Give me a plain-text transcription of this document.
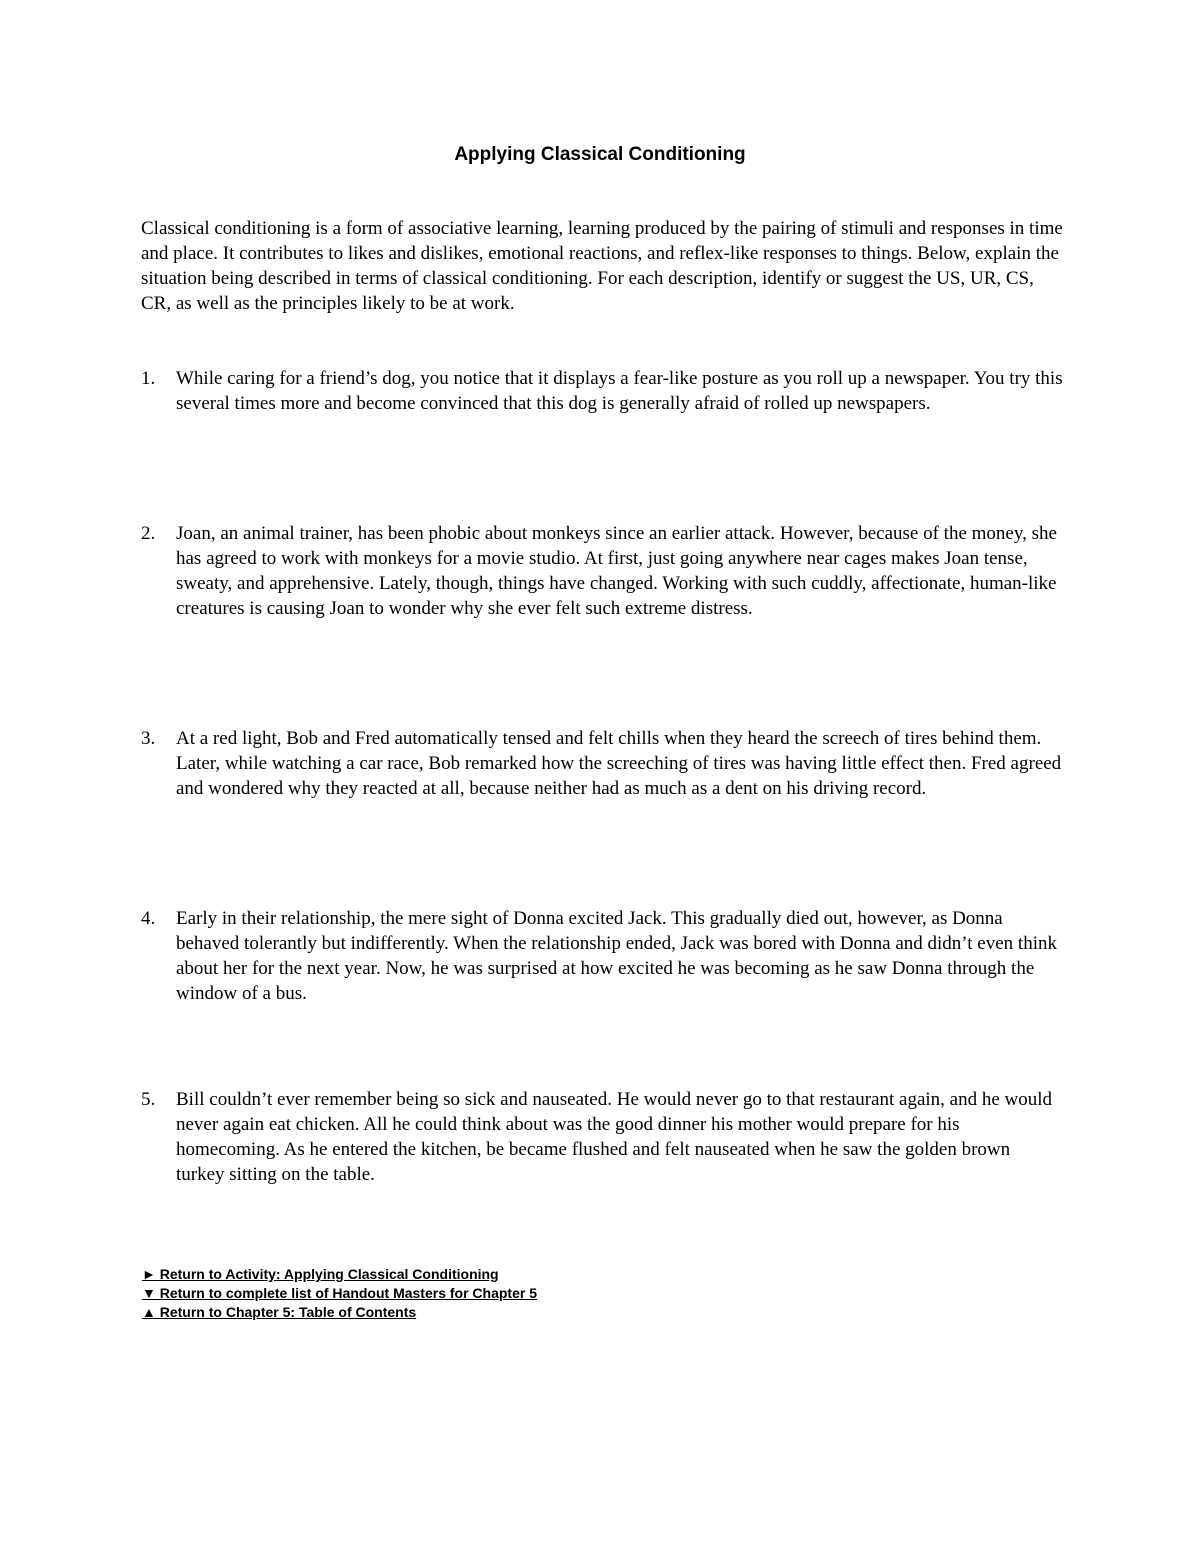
Applying Classical Conditioning

Classical conditioning is a form of associative learning, learning produced by the pairing of stimuli and responses in time and place. It contributes to likes and dislikes, emotional reactions, and reflex-like responses to things. Below, explain the situation being described in terms of classical conditioning. For each description, identify or suggest the US, UR, CS, CR, as well as the principles likely to be at work.

1.	While caring for a friend’s dog, you notice that it displays a fear-like posture as you roll up a newspaper. You try this several times more and become convinced that this dog is generally afraid of rolled up newspapers.
2.	Joan, an animal trainer, has been phobic about monkeys since an earlier attack. However, because of the money, she has agreed to work with monkeys for a movie studio. At first, just going anywhere near cages makes Joan tense, sweaty, and apprehensive. Lately, though, things have changed. Working with such cuddly, affectionate, human-like creatures is causing Joan to wonder why she ever felt such extreme distress.
3.	At a red light, Bob and Fred automatically tensed and felt chills when they heard the screech of tires behind them. Later, while watching a car race, Bob remarked how the screeching of tires was having little effect then. Fred agreed and wondered why they reacted at all, because neither had as much as a dent on his driving record.
4.	Early in their relationship, the mere sight of Donna excited Jack. This gradually died out, however, as Donna behaved tolerantly but indifferently. When the relationship ended, Jack was bored with Donna and didn’t even think about her for the next year. Now, he was surprised at how excited he was becoming as he saw Donna through the window of a bus.
5.	Bill couldn’t ever remember being so sick and nauseated. He would never go to that restaurant again, and he would never again eat chicken. All he could think about was the good dinner his mother would prepare for his homecoming. As he entered the kitchen, be became flushed and felt nauseated when he saw the golden brown turkey sitting on the table.
► Return to Activity: Applying Classical Conditioning
▼ Return to complete list of Handout Masters for Chapter 5
▲ Return to Chapter 5: Table of Contents
